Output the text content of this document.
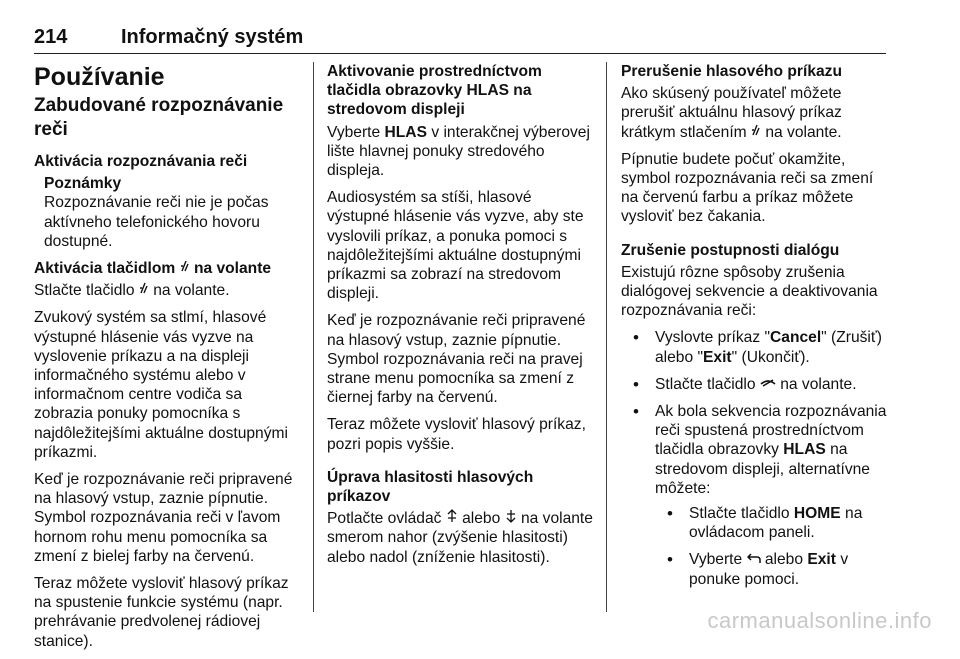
214	Informačný systém
Používanie
Zabudované rozpoznávanie reči
Aktivácia rozpoznávania reči
Poznámky
Rozpoznávanie reči nie je počas aktívneho telefonického hovoru dostupné.
Aktivácia tlačidlom na volante

Stlačte tlačidlo na volante.

Zvukový systém sa stlmí, hlasové výstupné hlásenie vás vyzve na vyslovenie príkazu a na displeji informačného systému alebo v informačnom centre vodiča sa zobrazia ponuky pomocníka s najdôležitejšími aktuálne dostupnými príkazmi.

Keď je rozpoznávanie reči pripravené na hlasový vstup, zaznie pípnutie. Symbol rozpoznávania reči v ľavom hornom rohu menu pomocníka sa zmení z bielej farby na červenú.

Teraz môžete vysloviť hlasový príkaz na spustenie funkcie systému (napr. prehrávanie predvolenej rádiovej stanice).

Aktivovanie prostredníctvom tlačidla obrazovky HLAS na stredovom displeji

Vyberte HLAS v interakčnej výberovej lište hlavnej ponuky stredového displeja.

Audiosystém sa stíši, hlasové výstupné hlásenie vás vyzve, aby ste vyslovili príkaz, a ponuka pomoci s najdôležitejšími aktuálne dostupnými príkazmi sa zobrazí na stredovom displeji.

Keď je rozpoznávanie reči pripravené na hlasový vstup, zaznie pípnutie. Symbol rozpoznávania reči na pravej strane menu pomocníka sa zmení z čiernej farby na červenú.

Teraz môžete vysloviť hlasový príkaz, pozri popis vyššie.

Úprava hlasitosti hlasových príkazov

Potlačte ovládač alebo na volante smerom nahor (zvýšenie hlasitosti) alebo nadol (zníženie hlasitosti).

Prerušenie hlasového príkazu

Ako skúsený používateľ môžete prerušiť aktuálnu hlasový príkaz krátkym stlačením na volante.

Pípnutie budete počuť okamžite, symbol rozpoznávania reči sa zmení na červenú farbu a príkaz môžete vysloviť bez čakania.

Zrušenie postupnosti dialógu

Existujú rôzne spôsoby zrušenia dialógovej sekvencie a deaktivovania rozpoznávania reči:

• Vyslovte príkaz "Cancel" (Zrušiť) alebo "Exit" (Ukončiť).
• Stlačte tlačidlo na volante.
• Ak bola sekvencia rozpoznávania reči spustená prostredníctvom tlačidla obrazovky HLAS na stredovom displeji, alternatívne môžete:
• Stlačte tlačidlo HOME na ovládacom paneli.
• Vyberte alebo Exit v ponuke pomoci.
carmanualsonline.info
